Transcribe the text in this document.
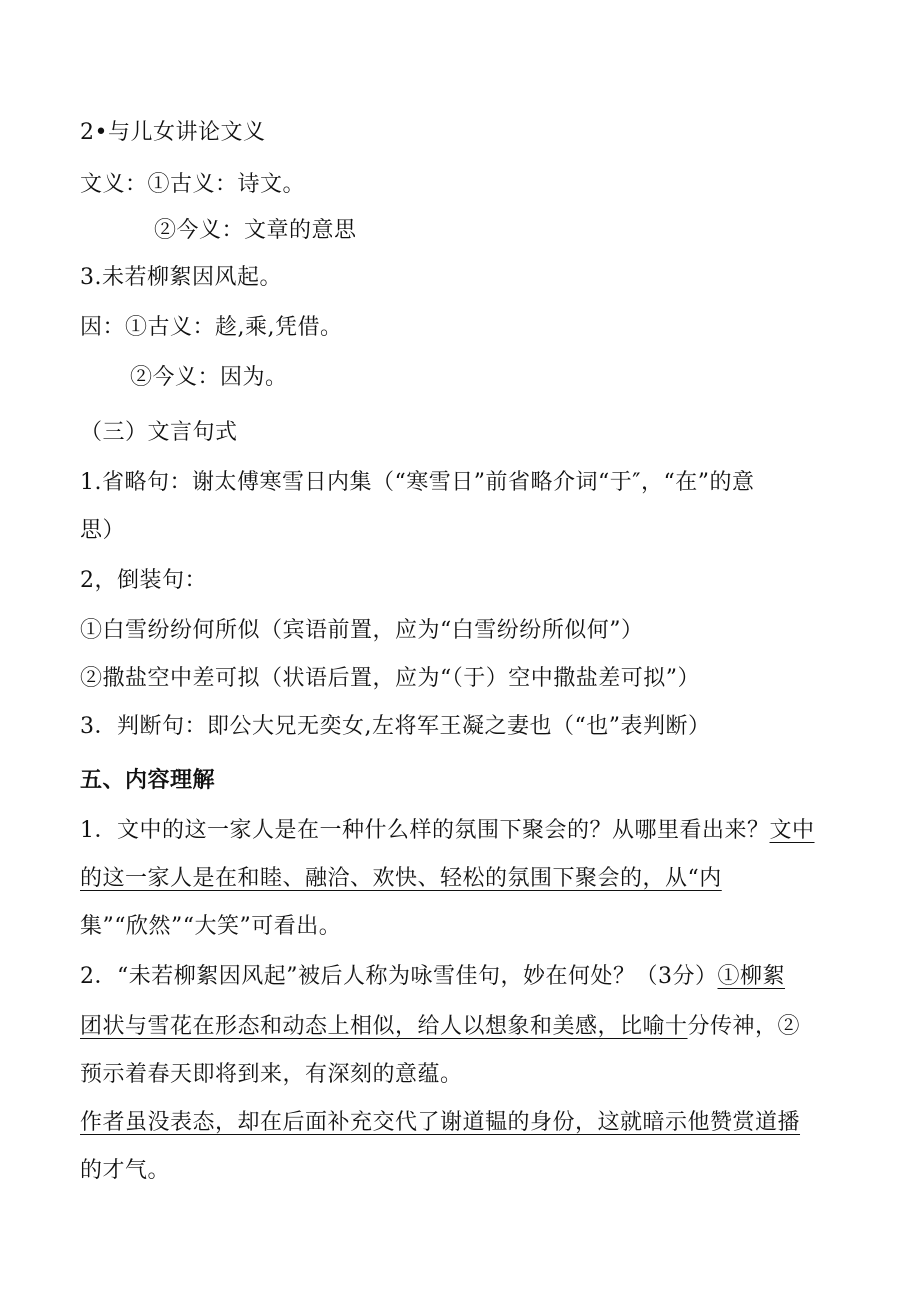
2•与儿女讲论文义
文义：①古义：诗文。
②今义：文章的意思
3.未若柳絮因风起。
因：①古义：趁,乘,凭借。
②今义：因为。
（三）文言句式
1.省略句：谢太傅寒雪日内集（“寒雪日”前省略介词“于″，“在”的意
思）
2，倒装句：
①白雪纷纷何所似（宾语前置，应为“白雪纷纷所似何”）
②撒盐空中差可拟（状语后置，应为“（于）空中撒盐差可拟”）
3．判断句：即公大兄无奕女,左将军王凝之妻也（“也”表判断）
五、内容理解
1．文中的这一家人是在一种什么样的氛围下聚会的？从哪里看出来？文中
的这一家人是在和睦、融洽、欢快、轻松的氛围下聚会的，从“内
集”“欣然”“大笑”可看出。
2．“未若柳絮因风起”被后人称为咏雪佳句，妙在何处？（3分）①柳絮
团状与雪花在形态和动态上相似，给人以想象和美感，比喻十分传神，②
预示着春天即将到来，有深刻的意蕴。
作者虽没表态，却在后面补充交代了谢道韫的身份，这就暗示他赞赏道播
的才气。
